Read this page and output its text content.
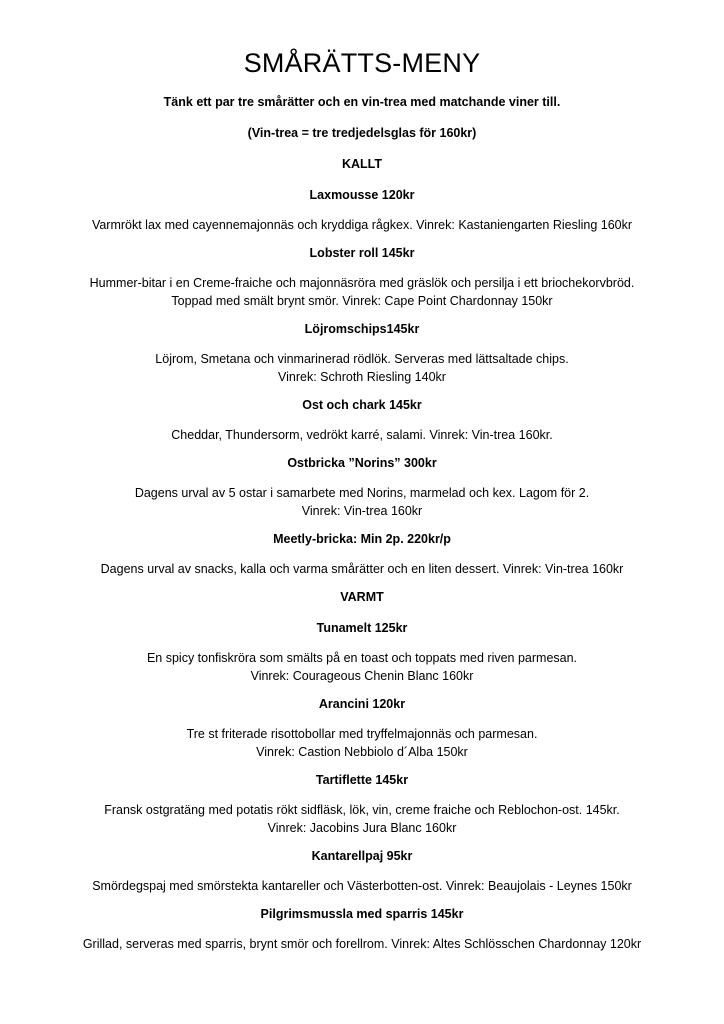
SMÅRÄTTS-MENY

Tänk ett par tre smårätter och en vin-trea med matchande viner till.

(Vin-trea = tre tredjedelsglas för 160kr)

KALLT

Laxmousse 120kr

Varmrökt lax med cayennemajonnäs och kryddiga rågkex. Vinrek: Kastaniengarten Riesling 160kr

Lobster roll 145kr

Hummer-bitar i en Creme-fraiche och majonnäsröra med gräslök och persilja i ett briochekorvbröd.
Toppad med smält brynt smör. Vinrek: Cape Point Chardonnay 150kr

Löjromschips145kr

Löjrom, Smetana och vinmarinerad rödlök. Serveras med lättsaltade chips.
Vinrek: Schroth Riesling 140kr

Ost och chark 145kr

Cheddar, Thundersorm, vedrökt karré, salami. Vinrek: Vin-trea 160kr.

Ostbricka ”Norins” 300kr

Dagens urval av 5 ostar i samarbete med Norins, marmelad och kex. Lagom för 2.
Vinrek: Vin-trea 160kr

Meetly-bricka: Min 2p. 220kr/p

Dagens urval av snacks, kalla och varma smårätter och en liten dessert. Vinrek: Vin-trea 160kr

VARMT

Tunamelt 125kr

En spicy tonfiskröra som smälts på en toast och toppats med riven parmesan.
Vinrek: Courageous Chenin Blanc 160kr

Arancini 120kr

Tre st friterade risottobollar med tryffelmajonnäs och parmesan.
Vinrek: Castion Nebbiolo d´Alba 150kr

Tartiflette 145kr

Fransk ostgratäng med potatis rökt sidfläsk, lök, vin, creme fraiche och Reblochon-ost. 145kr.
Vinrek: Jacobins Jura Blanc 160kr

Kantarellpaj 95kr

Smördegspaj med smörstekta kantareller och Västerbotten-ost. Vinrek: Beaujolais - Leynes 150kr

Pilgrimsmussla med sparris 145kr

Grillad, serveras med sparris, brynt smör och forellrom. Vinrek: Altes Schlösschen Chardonnay 120kr
